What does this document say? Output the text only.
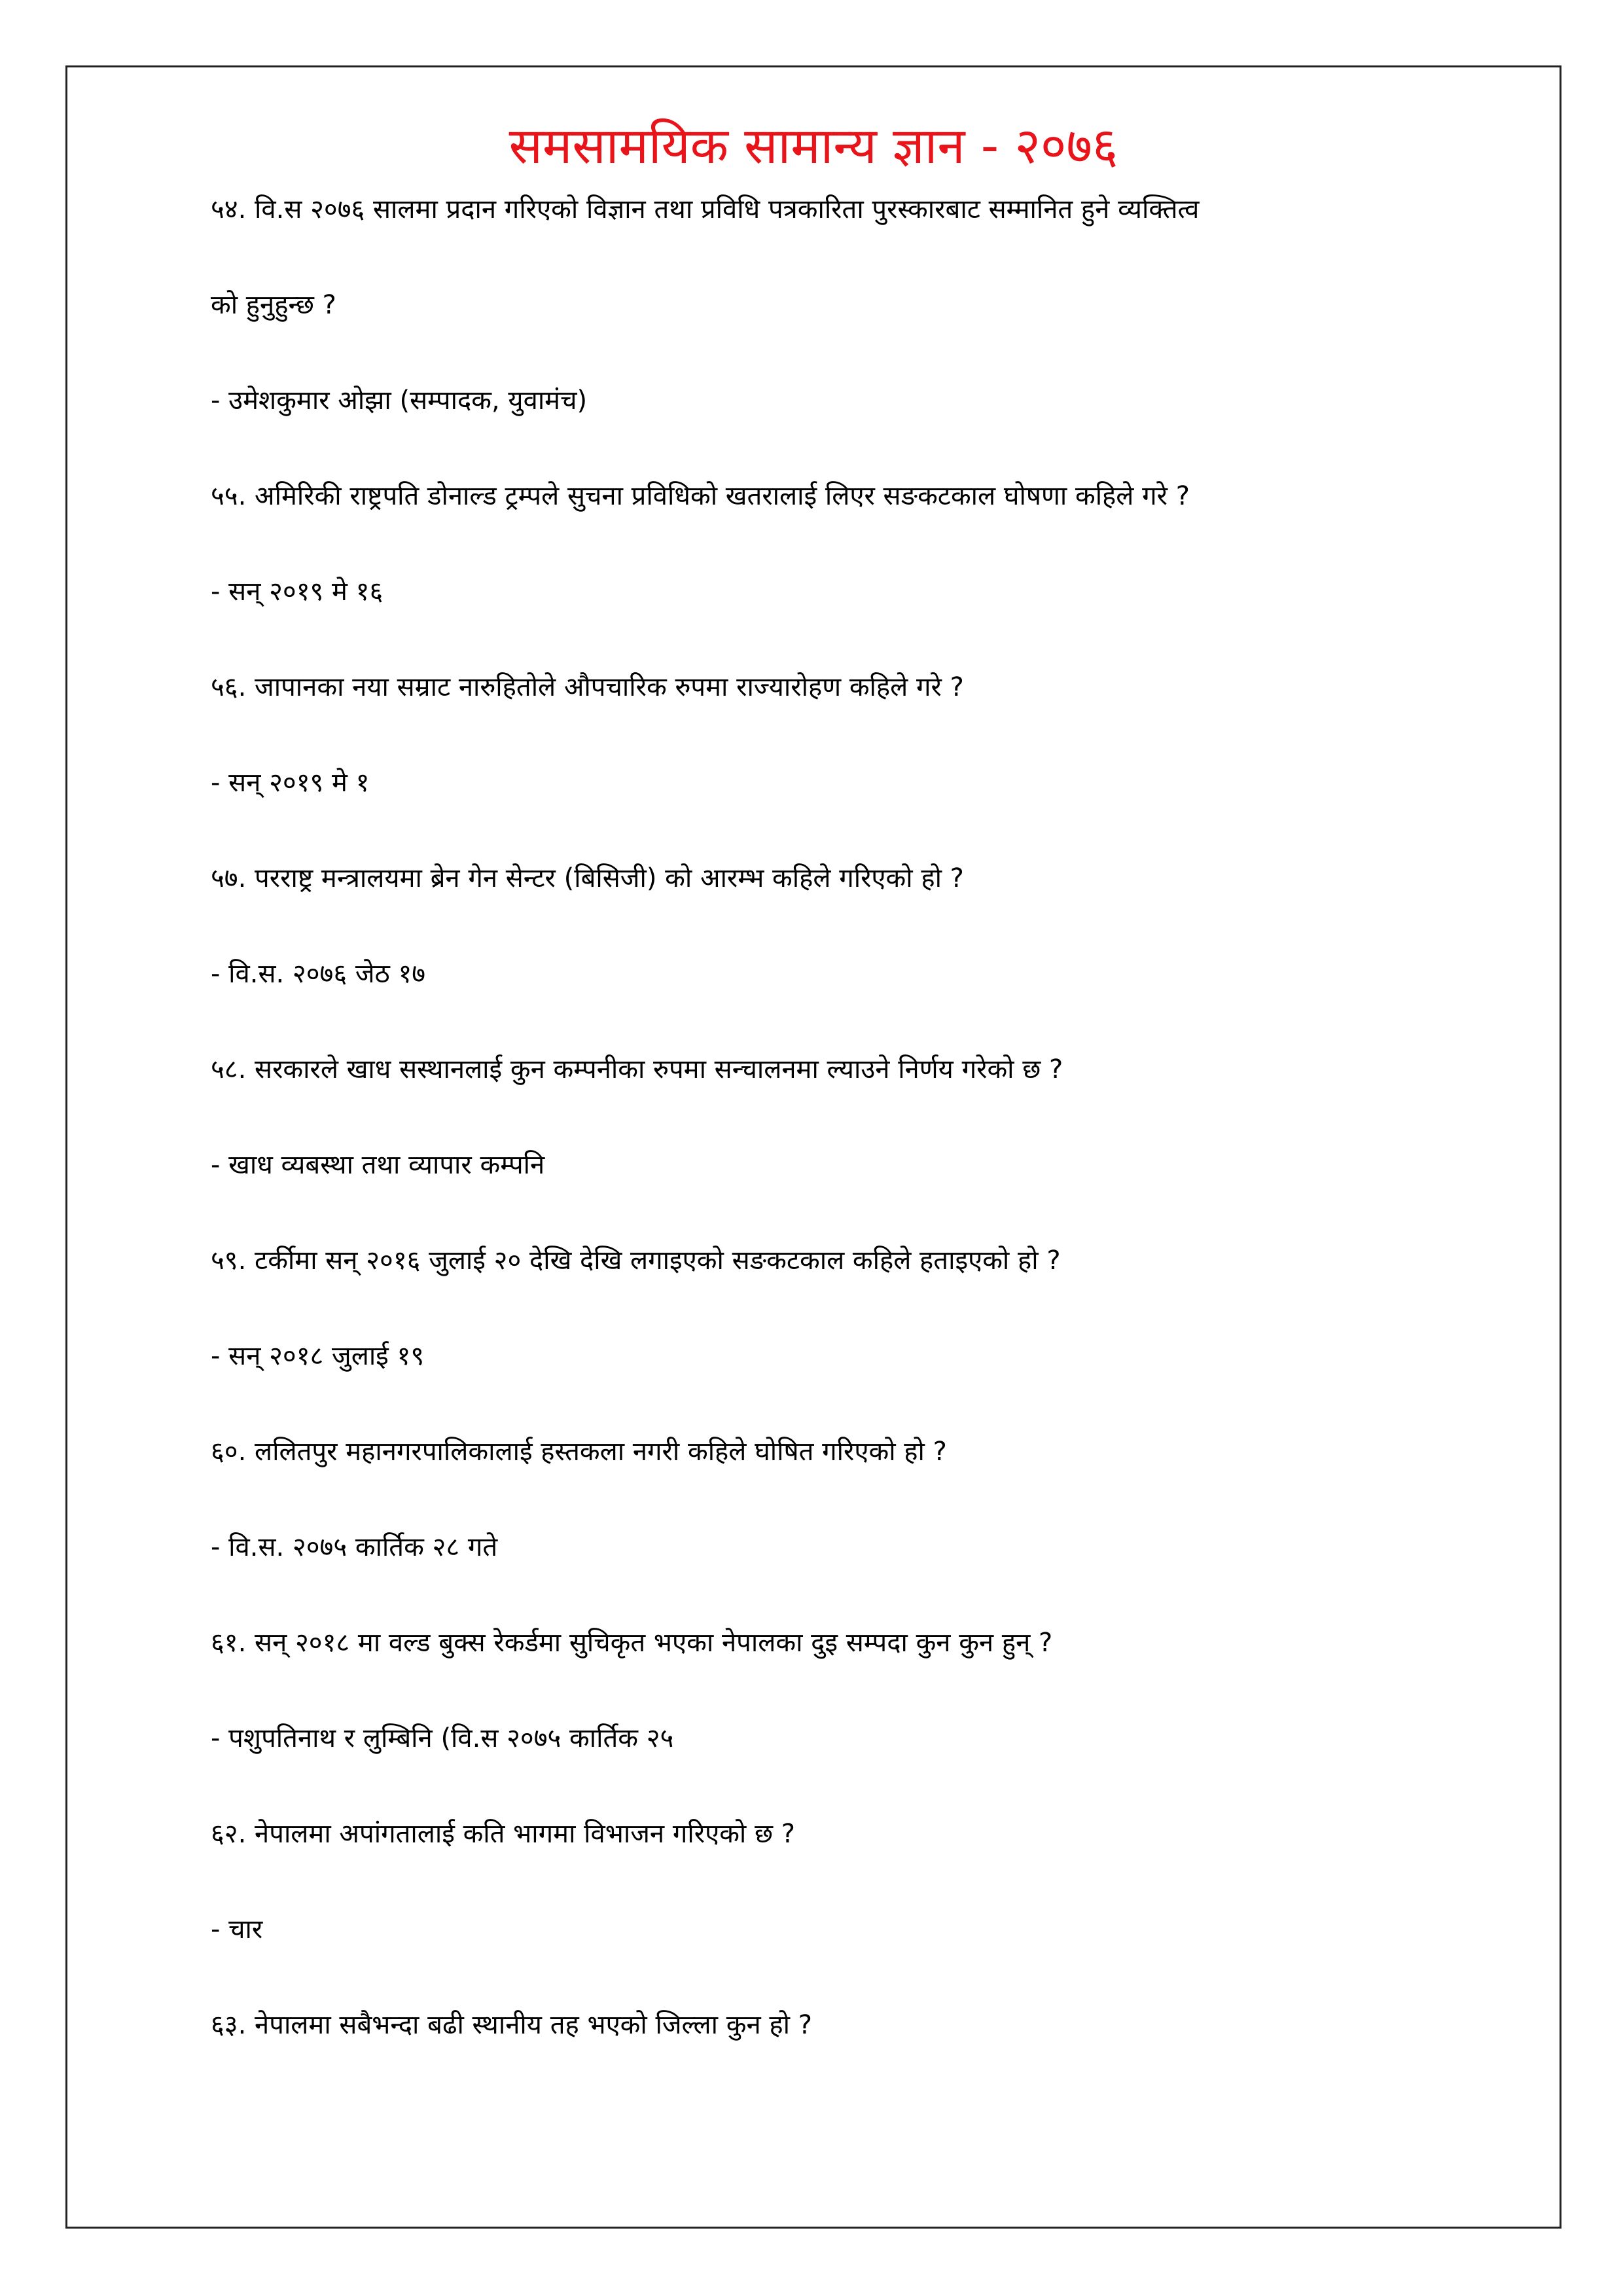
समसामयिक सामान्य ज्ञान - २०७६
५४. वि.स २०७६ सालमा प्रदान गरिएको विज्ञान तथा प्रविधि पत्रकारिता पुरस्कारबाट सम्मानित हुने व्यक्तित्व
को हुनुहुन्छ ?
- उमेशकुमार ओझा (सम्पादक, युवामंच)
५५. अमिरिकी राष्ट्रपति डोनाल्ड ट्रम्पले सुचना प्रविधिको खतरालाई लिएर सङकटकाल घोषणा कहिले गरे ?
- सन् २०१९ मे १६
५६. जापानका नया सम्राट नारुहितोले औपचारिक रुपमा राज्यारोहण कहिले गरे ?
- सन् २०१९ मे १
५७. परराष्ट्र मन्त्रालयमा ब्रेन गेन सेन्टर (बिसिजी) को आरम्भ कहिले गरिएको हो ?
- वि.स. २०७६ जेठ १७
५८. सरकारले खाध सस्थानलाई कुन कम्पनीका रुपमा सन्चालनमा ल्याउने निर्णय गरेको छ ?
- खाध व्यबस्था तथा व्यापार कम्पनि
५९. टर्कीमा सन् २०१६ जुलाई २० देखि देखि लगाइएको सङकटकाल कहिले हताइएको हो ?
- सन् २०१८ जुलाई १९
६०. ललितपुर महानगरपालिकालाई हस्तकला नगरी कहिले घोषित गरिएको हो ?
- वि.स. २०७५ कार्तिक २८ गते
६१. सन् २०१८ मा वल्ड बुक्स रेकर्डमा सुचिकृत भएका नेपालका दुइ सम्पदा कुन कुन हुन् ?
- पशुपतिनाथ र लुम्बिनि (वि.स २०७५ कार्तिक २५
६२. नेपालमा अपांगतालाई कति भागमा विभाजन गरिएको छ ?
- चार
६३. नेपालमा सबैभन्दा बढी स्थानीय तह भएको जिल्ला कुन हो ?
